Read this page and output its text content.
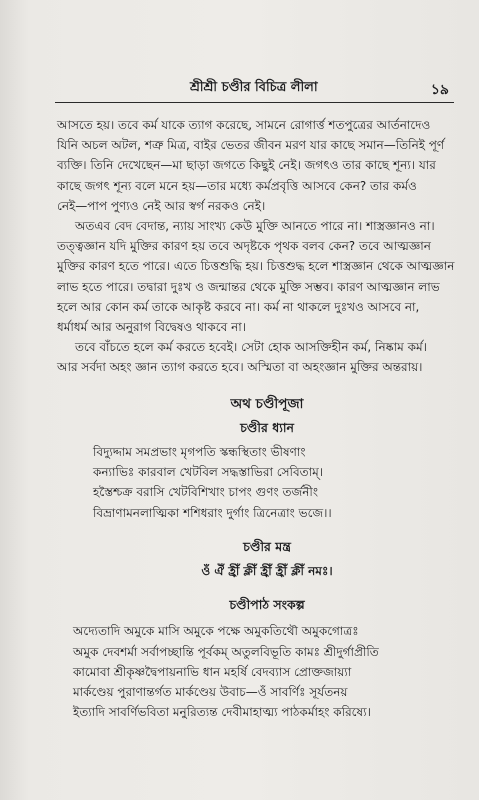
শ্রীশ্রী চণ্ডীর বিচিত্র লীলা	১৯
আসতে হয়। তবে কর্ম যাকে ত্যাগ করেছে, সামনে রোগার্ত্ত শতপুত্রের আর্তনাদেও
যিনি অচল অটল, শত্রু মিত্র, বাইর ভেতর জীবন মরণ যার কাছে সমান—তিনিই পূর্ণ
ব্যক্তি। তিনি দেখেছেন—মা ছাড়া জগতে কিছুই নেই। জগৎও তার কাছে শূন্য। যার
কাছে জগৎ শূন্য বলে মনে হয়—তার মধ্যে কর্মপ্রবৃত্তি আসবে কেন? তার কর্মও
নেই—পাপ পুণ্যও নেই আর স্বর্গ নরকও নেই।
অতএব বেদ বেদান্ত, ন্যায় সাংখ্য কেউ মুক্তি আনতে পারে না। শাস্ত্রজ্ঞানও না।
তত্ত্বজ্ঞান যদি মুক্তির কারণ হয় তবে অদৃষ্টকে পৃথক বলব কেন? তবে আত্মজ্ঞান
মুক্তির কারণ হতে পারে। এতে চিত্তশুদ্ধি হয়। চিত্তশুদ্ধ হলে শাস্ত্রজ্ঞান থেকে আত্মজ্ঞান
লাভ হতে পারে। তদ্বারা দুঃখ ও জন্মান্তর থেকে মুক্তি সম্ভব। কারণ আত্মজ্ঞান লাভ
হলে আর কোন কর্ম তাকে আকৃষ্ট করবে না। কর্ম না থাকলে দুঃখও আসবে না,
ধর্মাধর্ম আর অনুরাগ বিদ্বেষও থাকবে না।
তবে বাঁচতে হলে কর্ম করতে হবেই। সেটা হোক আসক্তিহীন কর্ম, নিষ্কাম কর্ম।
আর সর্বদা অহং জ্ঞান ত্যাগ করতে হবে। অস্মিতা বা অহংজ্ঞান মুক্তির অন্তরায়।

অথ চণ্ডীপূজা

চণ্ডীর ধ্যান

বিদ্যুদ্দাম সমপ্রভাং মৃগপতি স্কন্ধস্থিতাং ভীষণাং

কন্যাভিঃ কারবাল খেটবিল সদ্ধস্তাভিরা সেবিতাম্।

হস্তৈশ্চক্র বরাসি খেটবিশিখাং চাপং গুণং তর্জনীং

বিভ্রাণামনলাত্মিকা শশিধরাং দুর্গাং ত্রিনেত্রাং ভজে।।

চণ্ডীর মন্ত্র

ওঁ ঐঁ হ্রীঁ ক্লীঁ হ্রীঁ হ্রীঁ ক্লীঁ নমঃ।

চণ্ডীপাঠ সংকল্প

অদ্যেতাদি অমুকে মাসি অমুকে পক্ষে অমুকতিথৌ অমুকগোত্রঃ

অমুক দেবশর্মা সর্বাপচ্ছান্তি পূর্বকম্ অতুলবিভূতি কামঃ শ্রীদুর্গাপ্রীতি

কামোবা শ্রীকৃষ্ণদ্বৈপায়নাভি ধান মহর্ষি বেদব্যাস প্রোক্তজায়্যা

মার্কণ্ডেয় পুরাণান্তর্গত মার্কণ্ডেয় উবাচ—ওঁ সাবর্ণিঃ সূর্যতনয়

ইত্যাদি সাবর্ণিভবিতা মনুরিত্যন্ত দেবীমাহাত্ম্য পাঠকর্মাহং করিষ্যে।
